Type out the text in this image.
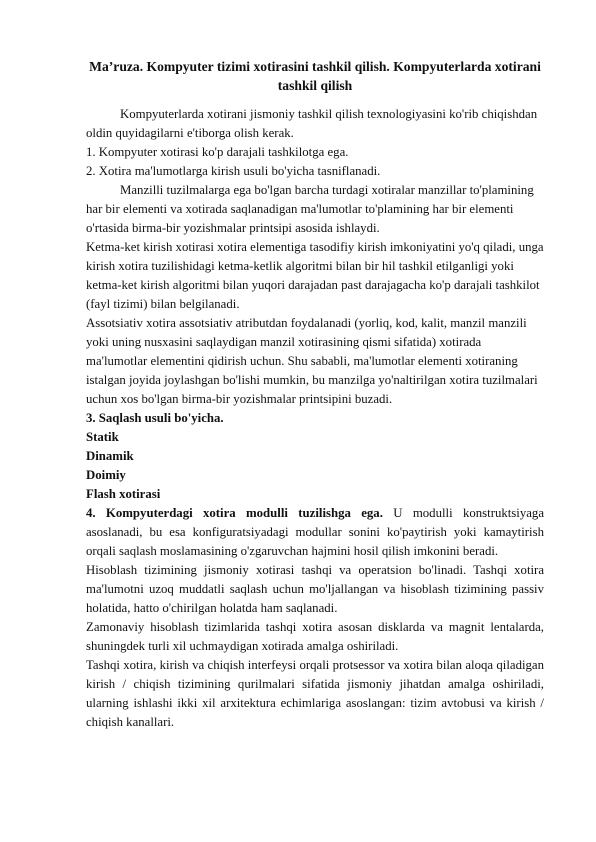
Ma’ruza. Kompyuter tizimi xotirasini tashkil qilish. Kompyuterlarda xotirani tashkil qilish

Kompyuterlarda xotirani jismoniy tashkil qilish texnologiyasini ko'rib chiqishdan oldin quyidagilarni e'tiborga olish kerak.

1. Kompyuter xotirasi ko'p darajali tashkilotga ega.

2. Xotira ma'lumotlarga kirish usuli bo'yicha tasniflanadi.

Manzilli tuzilmalarga ega bo'lgan barcha turdagi xotiralar manzillar to'plamining har bir elementi va xotirada saqlanadigan ma'lumotlar to'plamining har bir elementi o'rtasida birma-bir yozishmalar printsipi asosida ishlaydi.

Ketma-ket kirish xotirasi xotira elementiga tasodifiy kirish imkoniyatini yo'q qiladi, unga kirish xotira tuzilishidagi ketma-ketlik algoritmi bilan bir hil tashkil etilganligi yoki ketma-ket kirish algoritmi bilan yuqori darajadan past darajagacha ko'p darajali tashkilot (fayl tizimi) bilan belgilanadi.

Assotsiativ xotira assotsiativ atributdan foydalanadi (yorliq, kod, kalit, manzil manzili yoki uning nusxasini saqlaydigan manzil xotirasining qismi sifatida) xotirada ma'lumotlar elementini qidirish uchun. Shu sababli, ma'lumotlar elementi xotiraning istalgan joyida joylashgan bo'lishi mumkin, bu manzilga yo'naltirilgan xotira tuzilmalari uchun xos bo'lgan birma-bir yozishmalar printsipini buzadi.

3. Saqlash usuli bo'yicha.

Statik

Dinamik

Doimiy

Flash xotirasi

4. Kompyuterdagi xotira modulli tuzilishga ega. U modulli konstruktsiyaga asoslanadi, bu esa konfiguratsiyadagi modullar sonini ko'paytirish yoki kamaytirish orqali saqlash moslamasining o'zgaruvchan hajmini hosil qilish imkonini beradi.

Hisoblash tizimining jismoniy xotirasi tashqi va operatsion bo'linadi. Tashqi xotira ma'lumotni uzoq muddatli saqlash uchun mo'ljallangan va hisoblash tizimining passiv holatida, hatto o'chirilgan holatda ham saqlanadi.

Zamonaviy hisoblash tizimlarida tashqi xotira asosan disklarda va magnit lentalarda, shuningdek turli xil uchmaydigan xotirada amalga oshiriladi.

Tashqi xotira, kirish va chiqish interfeysi orqali protsessor va xotira bilan aloqa qiladigan kirish / chiqish tizimining qurilmalari sifatida jismoniy jihatdan amalga oshiriladi, ularning ishlashi ikki xil arxitektura echimlariga asoslangan: tizim avtobusi va kirish / chiqish kanallari.
